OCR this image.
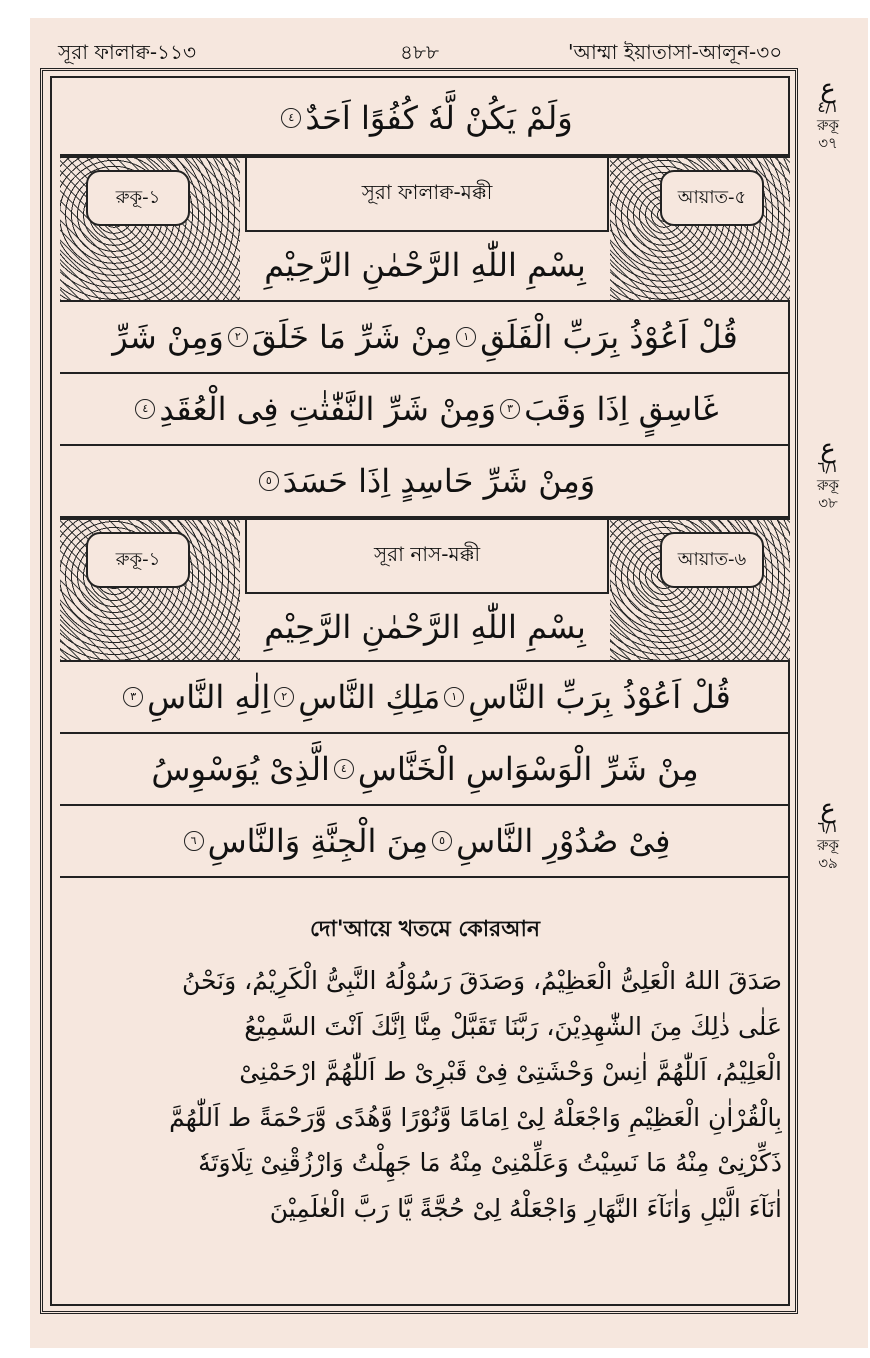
সূরা ফালাক্ব-১১৩	৪৮৮	'আম্মা ইয়াতাসা-আলূন-৩০
وَلَمْ يَكُنْ لَّهٗ كُفُوًا اَحَدٌ
٤
রুকূ-১	আয়াত-৫
সূরা ফালাক্ব-মক্কী
بِسْمِ اللّٰهِ الرَّحْمٰنِ الرَّحِيْمِ
قُلْ اَعُوْذُ بِرَبِّ الْفَلَقِ
١
مِنْ شَرِّ مَا خَلَقَ
٢
وَمِنْ شَرِّ
غَاسِقٍ اِذَا وَقَبَ
٣
وَمِنْ شَرِّ النَّفّٰثٰتِ فِى الْعُقَدِ
٤
وَمِنْ شَرِّ حَاسِدٍ اِذَا حَسَدَ
٥
রুকূ-১	আয়াত-৬
সূরা নাস-মক্কী
بِسْمِ اللّٰهِ الرَّحْمٰنِ الرَّحِيْمِ
قُلْ اَعُوْذُ بِرَبِّ النَّاسِ
١
مَلِكِ النَّاسِ
٢
اِلٰهِ النَّاسِ
٣
مِنْ شَرِّ الْوَسْوَاسِ الْخَنَّاسِ
٤
الَّذِىْ يُوَسْوِسُ
فِىْ صُدُوْرِ النَّاسِ
٥
مِنَ الْجِنَّةِ وَالنَّاسِ
٦
দো'আয়ে খতমে কোরআন
صَدَقَ اللهُ الْعَلِىُّ الْعَظِيْمُ، وَصَدَقَ رَسُوْلُهُ النَّبِىُّ الْكَرِيْمُ، وَنَحْنُ
عَلٰى ذٰلِكَ مِنَ الشّٰهِدِيْنَ، رَبَّنَا تَقَبَّلْ مِنَّا اِنَّكَ اَنْتَ السَّمِيْعُ
الْعَلِيْمُ، اَللّٰهُمَّ اٰنِسْ وَحْشَتِىْ فِىْ قَبْرِىْ ط اَللّٰهُمَّ ارْحَمْنِىْ
بِالْقُرْاٰنِ الْعَظِيْمِ وَاجْعَلْهُ لِىْ اِمَامًا وَّنُوْرًا وَّهُدًى وَّرَحْمَةً ط اَللّٰهُمَّ
ذَكِّرْنِىْ مِنْهُ مَا نَسِيْتُ وَعَلِّمْنِىْ مِنْهُ مَا جَهِلْتُ وَارْزُقْنِىْ تِلَاوَتَهٗ
اٰنَآءَ الَّيْلِ وَاٰنَآءَ النَّهَارِ وَاجْعَلْهُ لِىْ حُجَّةً يَّا رَبَّ الْعٰلَمِيْنَ
ع
٤/١
রুকূ
৩৭
ع
٦/١
রুকূ
৩৮
ع
٦/١
রুকূ
৩৯
